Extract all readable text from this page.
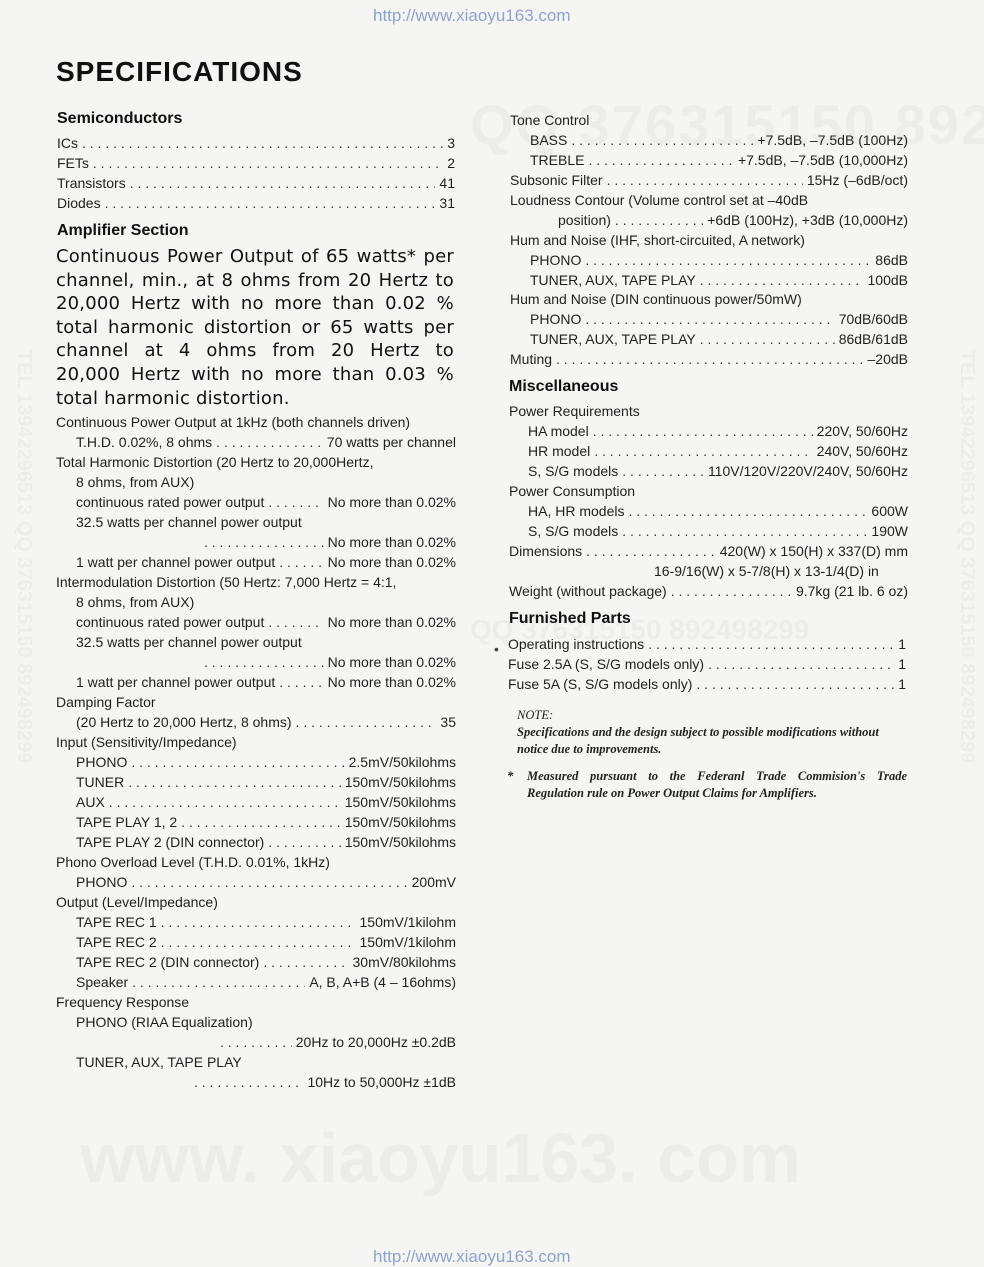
http://www.xiaoyu163.com
http://www.xiaoyu163.com
SPECIFICATIONS
Semiconductors
ICs . . .	3
FETs . . .	2
Transistors . . .	41
Diodes . . .	31
Amplifier Section
Continuous Power Output of 65 watts* per channel, min., at 8 ohms from 20 Hertz to 20,000 Hertz with no more than 0.02 % total harmonic distortion or 65 watts per channel at 4 ohms from 20 Hertz to 20,000 Hertz with no more than 0.03 % total harmonic distortion.
Continuous Power Output at 1kHz (both channels driven)
T.H.D. 0.02%, 8 ohms . . .	70 watts per channel
Total Harmonic Distortion (20 Hertz to 20,000Hertz,
8 ohms, from AUX)
continuous rated power output . . .	No more than 0.02%
32.5 watts per channel power output
. . .
No more than 0.02%
1 watt per channel power output . . .	No more than 0.02%
Intermodulation Distortion (50 Hertz: 7,000 Hertz = 4:1,
8 ohms, from AUX)
continuous rated power output . . .	No more than 0.02%
32.5 watts per channel power output
. . .
No more than 0.02%
1 watt per channel power output . . .	No more than 0.02%
Damping Factor
(20 Hertz to 20,000 Hertz, 8 ohms) . . .	35
Input (Sensitivity/Impedance)
PHONO . . .	2.5mV/50kilohms
TUNER . . .	150mV/50kilohms
AUX . . .	150mV/50kilohms
TAPE PLAY 1, 2 . . .	150mV/50kilohms
TAPE PLAY 2 (DIN connector) . . .	150mV/50kilohms
Phono Overload Level (T.H.D. 0.01%, 1kHz)
PHONO . . .	200mV
Output (Level/Impedance)
TAPE REC 1 . . .	150mV/1kilohm
TAPE REC 2 . . .	150mV/1kilohm
TAPE REC 2 (DIN connector) . . .	30mV/80kilohms
Speaker . . .	A, B, A+B (4 – 16ohms)
Frequency Response
PHONO (RIAA Equalization)
. . .
20Hz to 20,000Hz ±0.2dB
TUNER, AUX, TAPE PLAY
. . .
10Hz to 50,000Hz ±1dB
Tone Control
BASS . . .	+7.5dB, –7.5dB (100Hz)
TREBLE . . .	+7.5dB, –7.5dB (10,000Hz)
Subsonic Filter . . .	15Hz (–6dB/oct)
Loudness Contour (Volume control set at –40dB
position) . . .	+6dB (100Hz), +3dB (10,000Hz)
Hum and Noise (IHF, short-circuited, A network)
PHONO . . .	86dB
TUNER, AUX, TAPE PLAY . . .	100dB
Hum and Noise (DIN continuous power/50mW)
PHONO . . .	70dB/60dB
TUNER, AUX, TAPE PLAY . . .	86dB/61dB
Muting . . .	–20dB
Miscellaneous
Power Requirements
HA model . . .	220V, 50/60Hz
HR model . . .	240V, 50/60Hz
S, S/G models . . .	110V/120V/220V/240V, 50/60Hz
Power Consumption
HA, HR models . . .	600W
S, S/G models . . .	190W
Dimensions . . .	420(W) x 150(H) x 337(D) mm
16-9/16(W) x 5-7/8(H) x 13-1/4(D) in
Weight (without package) . . .	9.7kg (21 lb. 6 oz)
Furnished Parts
• Operating instructions . . .	1
Fuse 2.5A (S, S/G models only) . . .	1
Fuse 5A (S, S/G models only) . . .	1
NOTE:
Specifications and the design subject to possible modifications without notice due to improvements.
* Measured pursuant to the Federanl Trade Commision's Trade Regulation rule on Power Output Claims for Amplifiers.
